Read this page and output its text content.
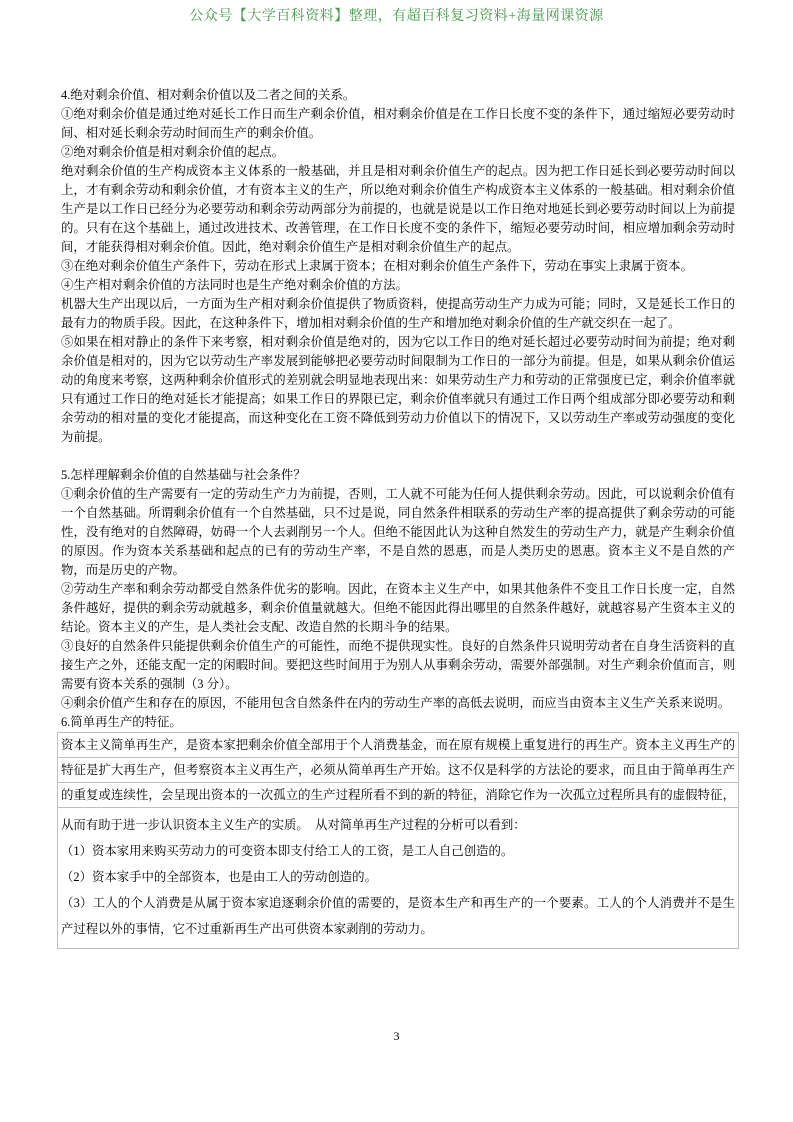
公众号【大学百科资料】整理，有超百科复习资料+海量网课资源

4.绝对剩余价值、相对剩余价值以及二者之间的关系。

①绝对剩余价值是通过绝对延长工作日而生产剩余价值，相对剩余价值是在工作日长度不变的条件下，通过缩短必要劳动时间、相对延长剩余劳动时间而生产的剩余价值。

②绝对剩余价值是相对剩余价值的起点。

绝对剩余价值的生产构成资本主义体系的一般基础，并且是相对剩余价值生产的起点。因为把工作日延长到必要劳动时间以上，才有剩余劳动和剩余价值，才有资本主义的生产，所以绝对剩余价值生产构成资本主义体系的一般基础。相对剩余价值生产是以工作日已经分为必要劳动和剩余劳动两部分为前提的，也就是说是以工作日绝对地延长到必要劳动时间以上为前提的。只有在这个基础上，通过改进技术、改善管理，在工作日长度不变的条件下，缩短必要劳动时间，相应增加剩余劳动时间，才能获得相对剩余价值。因此，绝对剩余价值生产是相对剩余价值生产的起点。

③在绝对剩余价值生产条件下，劳动在形式上隶属于资本；在相对剩余价值生产条件下，劳动在事实上隶属于资本。

④生产相对剩余价值的方法同时也是生产绝对剩余价值的方法。

机器大生产出现以后，一方面为生产相对剩余价值提供了物质资料，使提高劳动生产力成为可能；同时，又是延长工作日的最有力的物质手段。因此，在这种条件下，增加相对剩余价值的生产和增加绝对剩余价值的生产就交织在一起了。

⑤如果在相对静止的条件下来考察，相对剩余价值是绝对的，因为它以工作日的绝对延长超过必要劳动时间为前提；绝对剩余价值是相对的，因为它以劳动生产率发展到能够把必要劳动时间限制为工作日的一部分为前提。但是，如果从剩余价值运动的角度来考察，这两种剩余价值形式的差别就会明显地表现出来：如果劳动生产力和劳动的正常强度已定，剩余价值率就只有通过工作日的绝对延长才能提高；如果工作日的界限已定，剩余价值率就只有通过工作日两个组成部分即必要劳动和剩余劳动的相对量的变化才能提高，而这种变化在工资不降低到劳动力价值以下的情况下，又以劳动生产率或劳动强度的变化为前提。

5.怎样理解剩余价值的自然基础与社会条件？

①剩余价值的生产需要有一定的劳动生产力为前提，否则，工人就不可能为任何人提供剩余劳动。因此，可以说剩余价值有一个自然基础。所谓剩余价值有一个自然基础，只不过是说，同自然条件相联系的劳动生产率的提高提供了剩余劳动的可能性，没有绝对的自然障碍，妨碍一个人去剥削另一个人。但绝不能因此认为这种自然发生的劳动生产力，就是产生剩余价值的原因。作为资本关系基础和起点的已有的劳动生产率，不是自然的恩惠，而是人类历史的恩惠。资本主义不是自然的产物，而是历史的产物。

②劳动生产率和剩余劳动都受自然条件优劣的影响。因此，在资本主义生产中，如果其他条件不变且工作日长度一定，自然条件越好，提供的剩余劳动就越多，剩余价值量就越大。但绝不能因此得出哪里的自然条件越好，就越容易产生资本主义的结论。资本主义的产生，是人类社会支配、改造自然的长期斗争的结果。

③良好的自然条件只能提供剩余价值生产的可能性，而绝不提供现实性。良好的自然条件只说明劳动者在自身生活资料的直接生产之外，还能支配一定的闲暇时间。要把这些时间用于为别人从事剩余劳动，需要外部强制。对生产剩余价值而言，则需要有资本关系的强制（3 分）。

④剩余价值产生和存在的原因，不能用包含自然条件在内的劳动生产率的高低去说明，而应当由资本主义生产关系来说明。

6.简单再生产的特征。

资本主义简单再生产，是资本家把剩余价值全部用于个人消费基金，而在原有规模上重复进行的再生产。资本主义再生产的
特征是扩大再生产，但考察资本主义再生产，必须从简单再生产开始。这不仅是科学的方法论的要求，而且由于简单再生产
的重复或连续性，会呈现出资本的一次孤立的生产过程所看不到的新的特征，消除它作为一次孤立过程所具有的虚假特征，

从而有助于进一步认识资本主义生产的实质。　从对简单再生产过程的分析可以看到：

（1）资本家用来购买劳动力的可变资本即支付给工人的工资，是工人自己创造的。

（2）资本家手中的全部资本，也是由工人的劳动创造的。

（3）工人的个人消费是从属于资本家追逐剩余价值的需要的，是资本生产和再生产的一个要素。工人的个人消费并不是生产过程以外的事情，它不过重新再生产出可供资本家剥削的劳动力。

3
